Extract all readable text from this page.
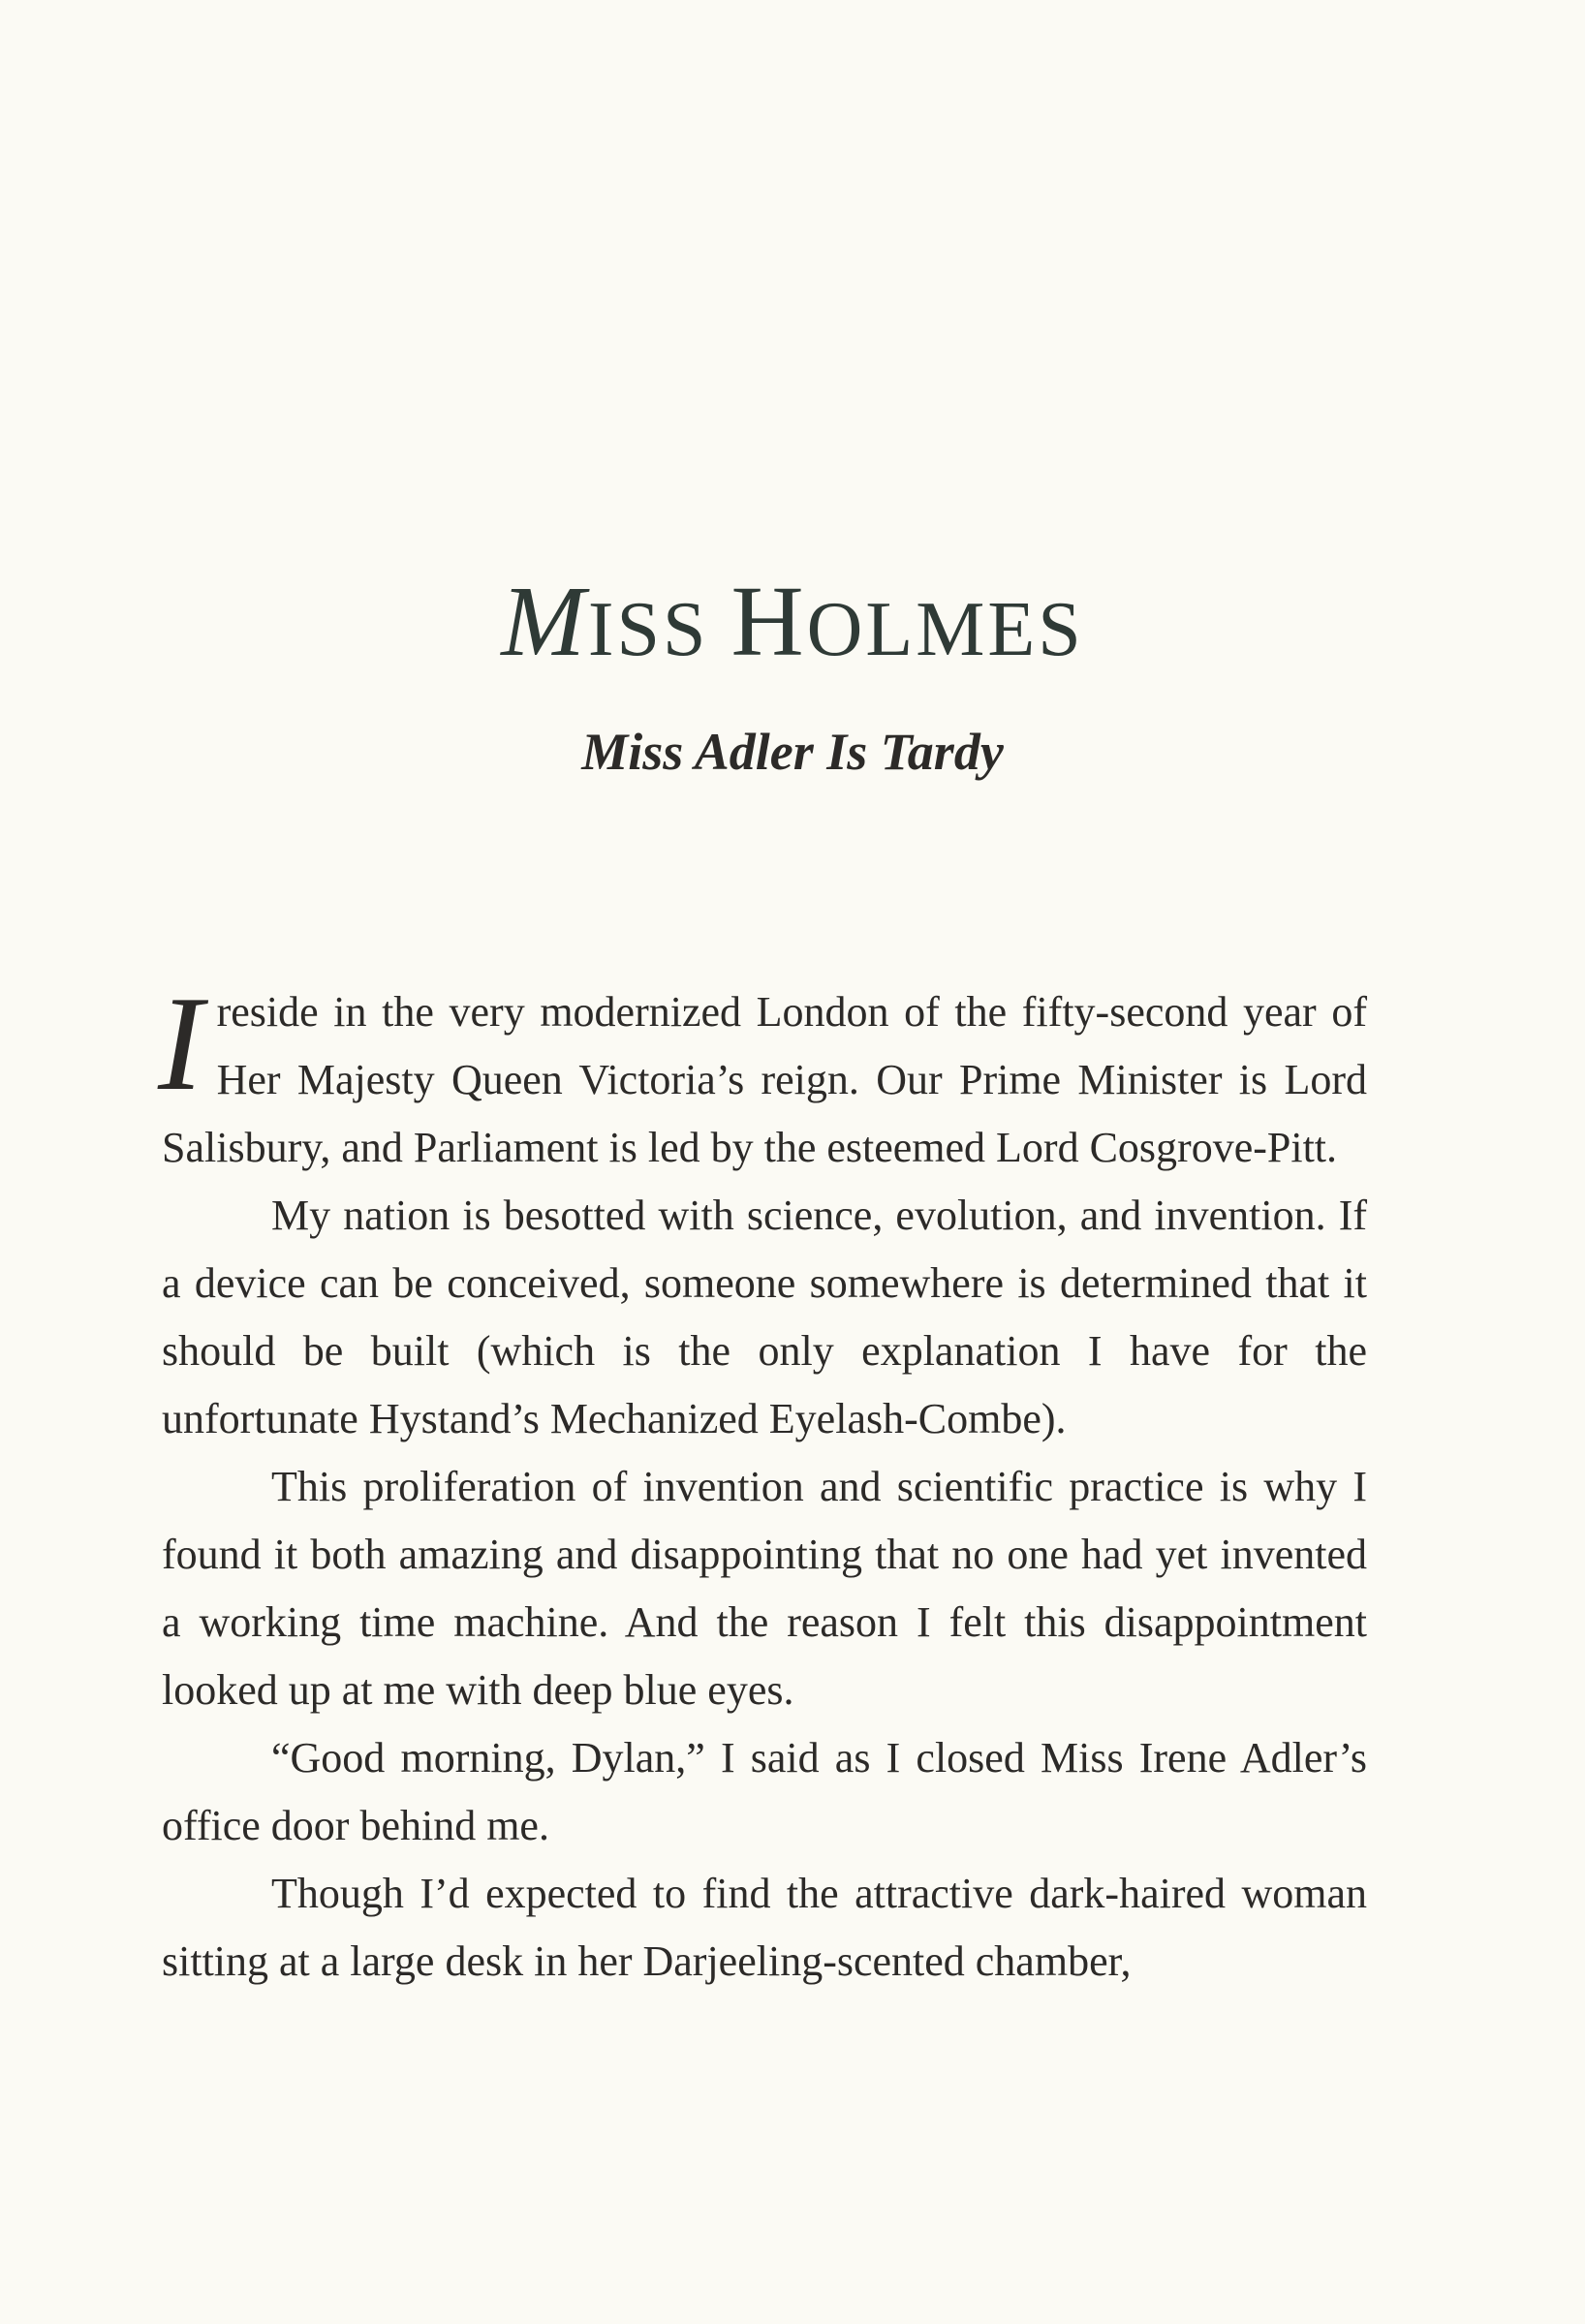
MISS HOLMES
Miss Adler Is Tardy

I reside in the very modernized London of the fifty-second year of Her Majesty Queen Victoria’s reign. Our Prime Minister is Lord Salisbury, and Parliament is led by the esteemed Lord Cosgrove-Pitt.

My nation is besotted with science, evolution, and invention. If a device can be conceived, someone somewhere is determined that it should be built (which is the only explanation I have for the unfortunate Hystand’s Mechanized Eyelash-Combe).

This proliferation of invention and scientific practice is why I found it both amazing and disappointing that no one had yet invented a working time machine. And the reason I felt this disappointment looked up at me with deep blue eyes.

“Good morning, Dylan,” I said as I closed Miss Irene Adler’s office door behind me.

Though I’d expected to find the attractive dark-haired woman sitting at a large desk in her Darjeeling-scented chamber,
